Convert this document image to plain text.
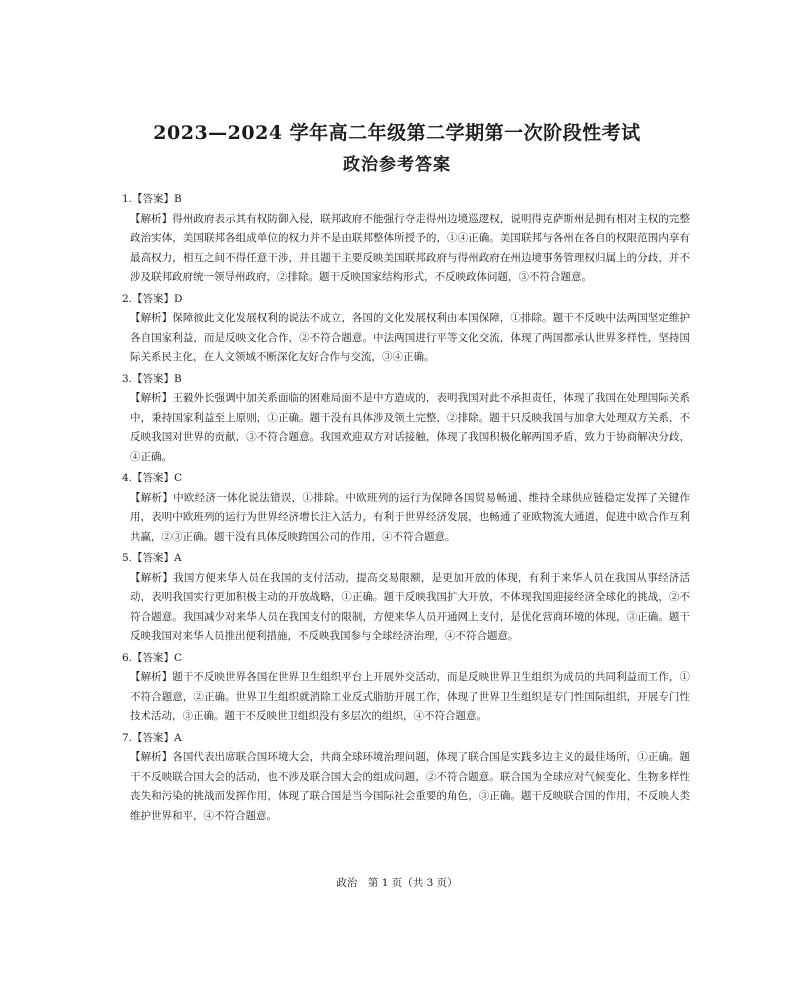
2023—2024 学年高二年级第二学期第一次阶段性考试
政治参考答案
1.【答案】B
【解析】得州政府表示其有权防御入侵，联邦政府不能强行夺走得州边境巡逻权，说明得克萨斯州是拥有相对主权的完整政治实体，美国联邦各组成单位的权力并不是由联邦整体所授予的，①④正确。美国联邦与各州在各自的权限范围内享有最高权力，相互之间不得任意干涉，并且题干主要反映美国联邦政府与得州政府在州边境事务管理权归属上的分歧，并不涉及联邦政府统一领导州政府，②排除。题干反映国家结构形式，不反映政体问题，③不符合题意。
2.【答案】D
【解析】保障彼此文化发展权利的说法不成立，各国的文化发展权利由本国保障，①排除。题干不反映中法两国坚定维护各自国家利益，而是反映文化合作，②不符合题意。中法两国进行平等文化交流，体现了两国都承认世界多样性，坚持国际关系民主化，在人文领域不断深化友好合作与交流，③④正确。
3.【答案】B
【解析】王毅外长强调中加关系面临的困难局面不是中方造成的，表明我国对此不承担责任，体现了我国在处理国际关系中，秉持国家利益至上原则，①正确。题干没有具体涉及领土完整，②排除。题干只反映我国与加拿大处理双方关系，不反映我国对世界的贡献，③不符合题意。我国欢迎双方对话接触，体现了我国积极化解两国矛盾，致力于协商解决分歧，④正确。
4.【答案】C
【解析】中欧经济一体化说法错误，①排除。中欧班列的运行为保障各国贸易畅通、维持全球供应链稳定发挥了关键作用，表明中欧班列的运行为世界经济增长注入活力，有利于世界经济发展，也畅通了亚欧物流大通道，促进中欧合作互利共赢，②③正确。题干没有具体反映跨国公司的作用，④不符合题意。
5.【答案】A
【解析】我国方便来华人员在我国的支付活动，提高交易限额，是更加开放的体现，有利于来华人员在我国从事经济活动，表明我国实行更加积极主动的开放战略，①正确。题干反映我国扩大开放，不体现我国迎接经济全球化的挑战，②不符合题意。我国减少对来华人员在我国支付的限制，方便来华人员开通网上支付，是优化营商环境的体现，③正确。题干反映我国对来华人员推出便利措施，不反映我国参与全球经济治理，④不符合题意。
6.【答案】C
【解析】题干不反映世界各国在世界卫生组织平台上开展外交活动，而是反映世界卫生组织为成员的共同利益而工作，①不符合题意，②正确。世界卫生组织就消除工业反式脂肪开展工作，体现了世界卫生组织是专门性国际组织，开展专门性技术活动，③正确。题干不反映世卫组织没有多层次的组织，④不符合题意。
7.【答案】A
【解析】各国代表出席联合国环境大会，共商全球环境治理问题，体现了联合国是实践多边主义的最佳场所，①正确。题干不反映联合国大会的活动，也不涉及联合国大会的组成问题，②不符合题意。联合国为全球应对气候变化、生物多样性丧失和污染的挑战而发挥作用，体现了联合国是当今国际社会重要的角色，③正确。题干反映联合国的作用，不反映人类维护世界和平，④不符合题意。
政治　第 1 页（共 3 页）
